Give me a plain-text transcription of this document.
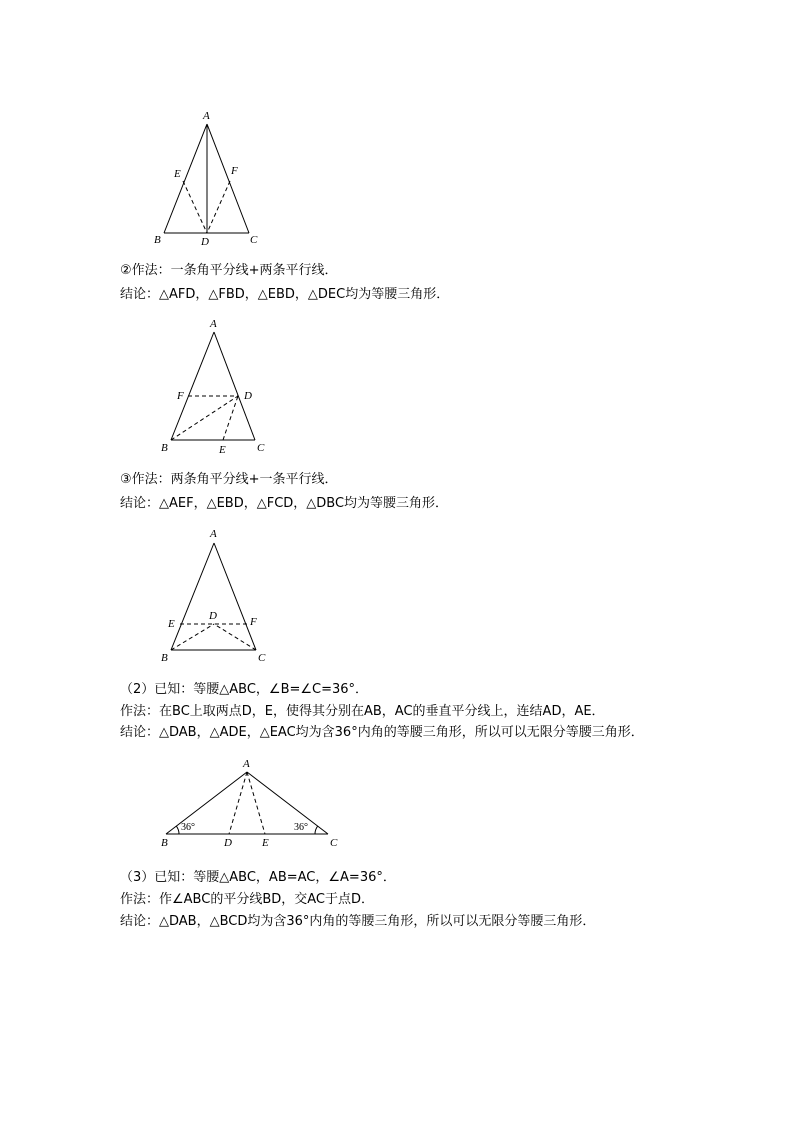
A
E	F
B	D	C
②作法：一条角平分线+两条平行线．
结论：△AFD，△FBD，△EBD，△DEC均为等腰三角形．
A
F	D
B	E	C
③作法：两条角平分线+一条平行线．
结论：△AEF，△EBD，△FCD，△DBC均为等腰三角形．
A
D
E	F
B	C
（2）已知：等腰△ABC，∠B=∠C=36°．
作法：在BC上取两点D，E，使得其分别在AB，AC的垂直平分线上，连结AD，AE．
结论：△DAB，△ADE，△EAC均为含36°内角的等腰三角形，所以可以无限分等腰三角形．
A
36°	36°
B	D	E	C
（3）已知：等腰△ABC，AB=AC，∠A=36°．
作法：作∠ABC的平分线BD，交AC于点D．
结论：△DAB，△BCD均为含36°内角的等腰三角形，所以可以无限分等腰三角形．
